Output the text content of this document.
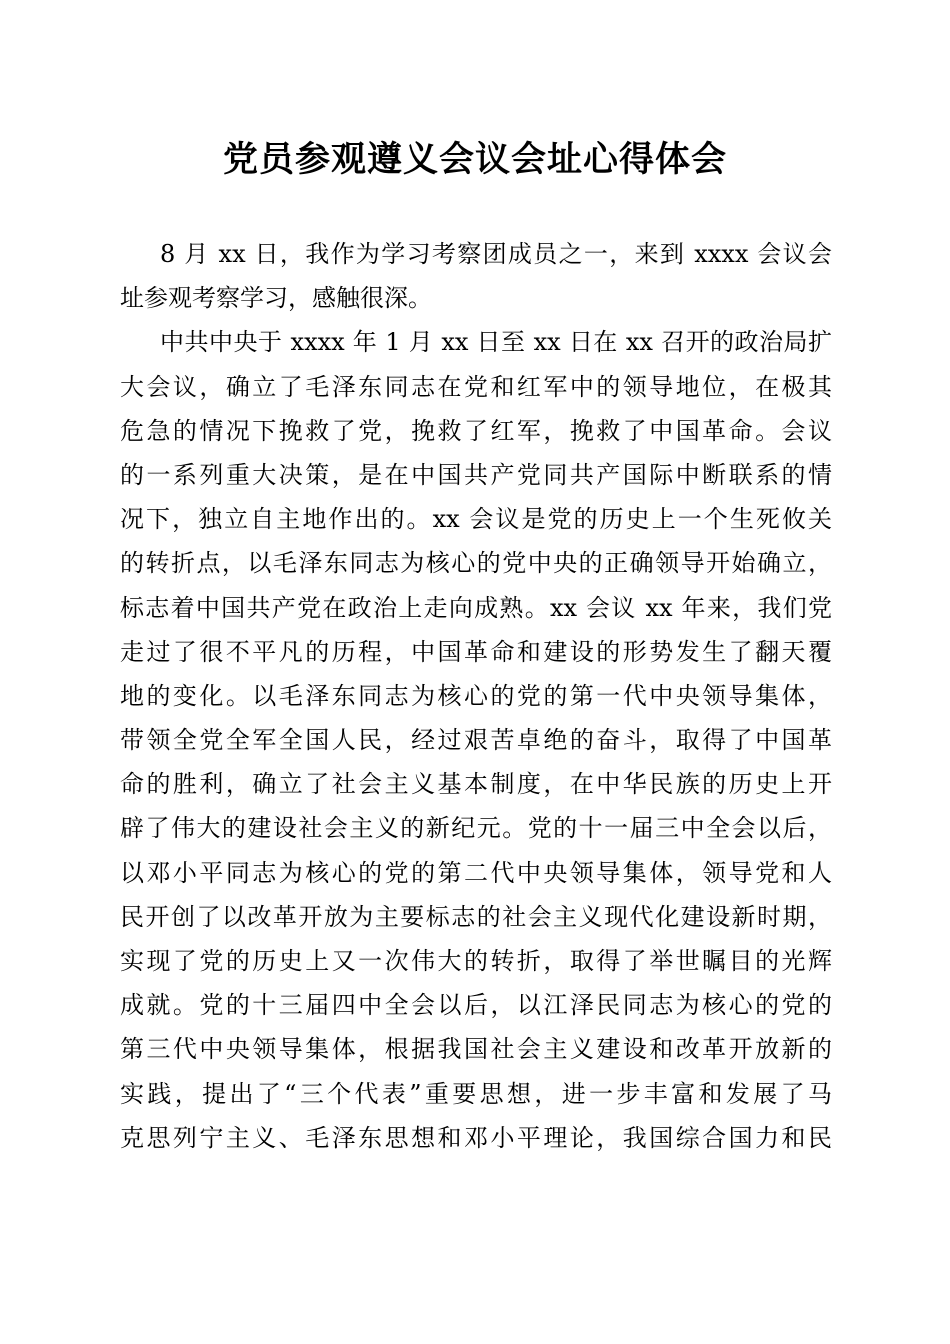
党员参观遵义会议会址心得体会
8 月 xx 日，我作为学习考察团成员之一，来到 xxxx 会议会
址参观考察学习，感触很深。
中共中央于 xxxx 年 1 月 xx 日至 xx 日在 xx 召开的政治局扩
大会议，确立了毛泽东同志在党和红军中的领导地位，在极其
危急的情况下挽救了党，挽救了红军，挽救了中国革命。会议
的一系列重大决策，是在中国共产党同共产国际中断联系的情
况下，独立自主地作出的。xx 会议是党的历史上一个生死攸关
的转折点，以毛泽东同志为核心的党中央的正确领导开始确立，
标志着中国共产党在政治上走向成熟。xx 会议 xx 年来，我们党
走过了很不平凡的历程，中国革命和建设的形势发生了翻天覆
地的变化。以毛泽东同志为核心的党的第一代中央领导集体，
带领全党全军全国人民，经过艰苦卓绝的奋斗，取得了中国革
命的胜利，确立了社会主义基本制度，在中华民族的历史上开
辟了伟大的建设社会主义的新纪元。党的十一届三中全会以后，
以邓小平同志为核心的党的第二代中央领导集体，领导党和人
民开创了以改革开放为主要标志的社会主义现代化建设新时期，
实现了党的历史上又一次伟大的转折，取得了举世瞩目的光辉
成就。党的十三届四中全会以后，以江泽民同志为核心的党的
第三代中央领导集体，根据我国社会主义建设和改革开放新的
实践，提出了“三个代表”重要思想，进一步丰富和发展了马
克思列宁主义、毛泽东思想和邓小平理论，我国综合国力和民
